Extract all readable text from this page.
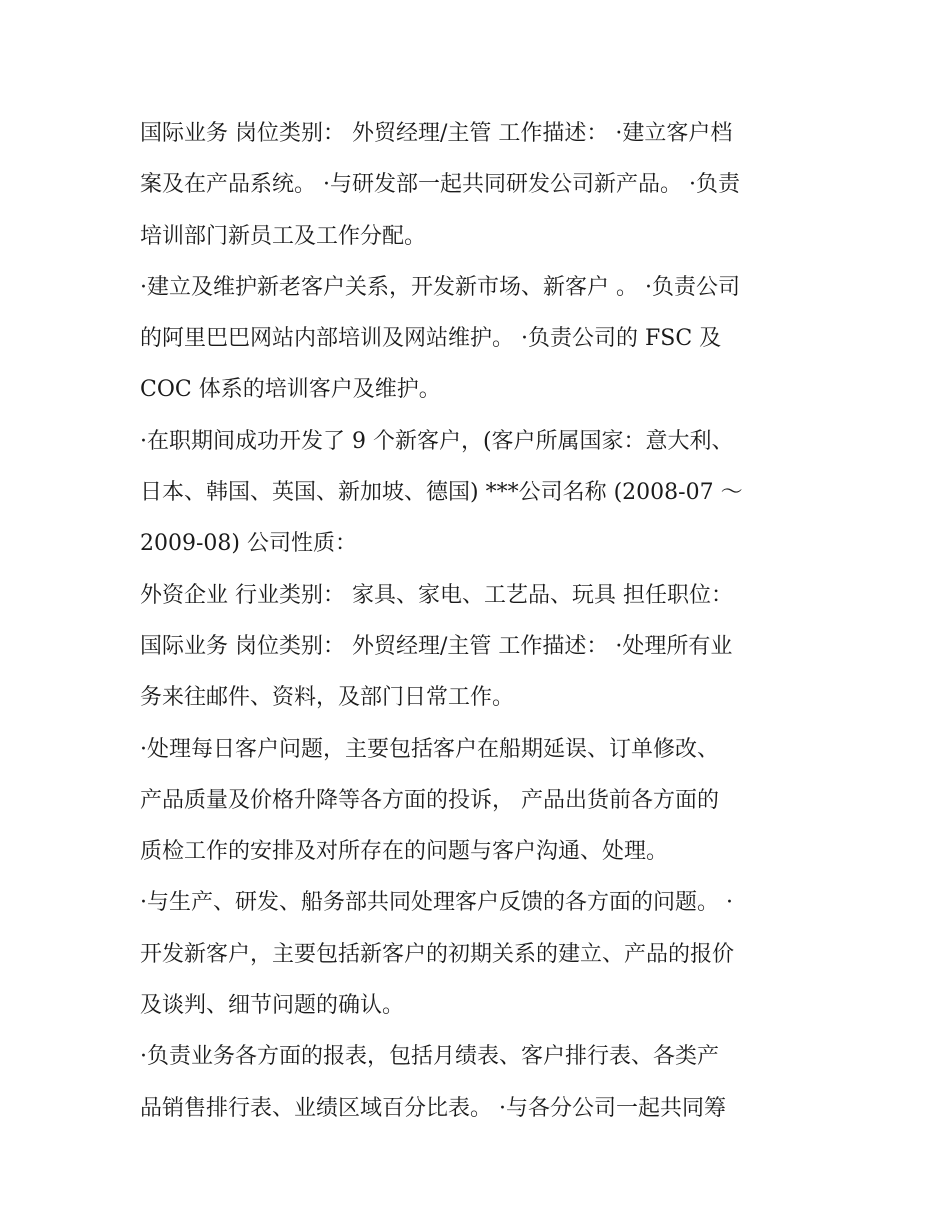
国际业务 岗位类别： 外贸经理/主管 工作描述： ·建立客户档
案及在产品系统。 ·与研发部一起共同研发公司新产品。 ·负责
培训部门新员工及工作分配。
·建立及维护新老客户关系，开发新市场、新客户 。 ·负责公司
的阿里巴巴网站内部培训及网站维护。 ·负责公司的 FSC 及
COC 体系的培训客户及维护。
·在职期间成功开发了 9 个新客户，(客户所属国家：意大利、
日本、韩国、英国、新加坡、德国) ***公司名称 (2008-07 ～
2009-08) 公司性质：
外资企业 行业类别： 家具、家电、工艺品、玩具 担任职位：
国际业务 岗位类别： 外贸经理/主管 工作描述： ·处理所有业
务来往邮件、资料，及部门日常工作。
·处理每日客户问题，主要包括客户在船期延误、订单修改、
产品质量及价格升降等各方面的投诉， 产品出货前各方面的
质检工作的安排及对所存在的问题与客户沟通、处理。
·与生产、研发、船务部共同处理客户反馈的各方面的问题。 ·
开发新客户，主要包括新客户的初期关系的建立、产品的报价
及谈判、细节问题的确认。
·负责业务各方面的报表，包括月绩表、客户排行表、各类产
品销售排行表、业绩区域百分比表。 ·与各分公司一起共同筹
